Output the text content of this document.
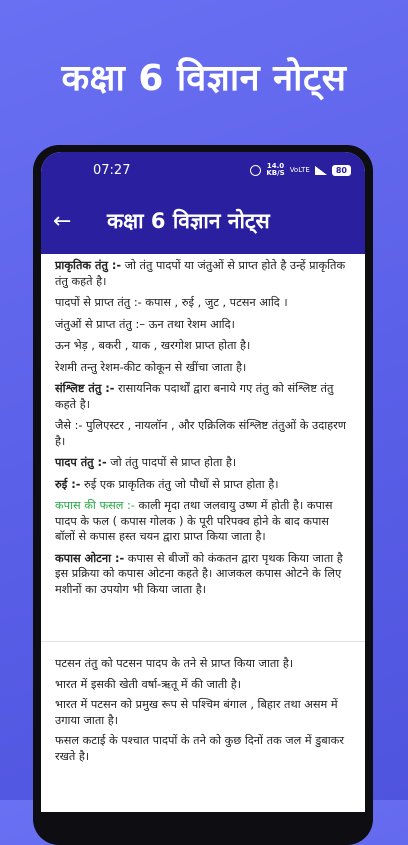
कक्षा 6 विज्ञान नोट्स
07:27	14.0
KB/S VoLTE	80
←	कक्षा 6 विज्ञान नोट्स

प्राकृतिक तंतु :- जो तंतु पादपों या जंतुओं से प्राप्त होते है उन्हें प्राकृतिक तंतु कहते है।

पादपों से प्राप्त तंतु :- कपास , रुई , जुट , पटसन आदि ।

जंतुओं से प्राप्त तंतु :– ऊन तथा रेशम आदि।

ऊन भेड़ , बकरी , याक , खरगोश प्राप्त होता है।

रेशमी तन्तु रेशम-कीट कोकून से खींचा जाता है।

संश्लिष्ट तंतु :- रासायनिक पदार्थों द्वारा बनाये गए तंतु को संश्लिष्ट तंतु कहते है।

जैसे :- पुलिएस्टर , नायलॉन , और एक्रिलिक संश्लिष्ट तंतुओं के उदाहरण है।

पादप तंतु :- जो तंतु पादपों से प्राप्त होता है।

रुई :- रुई एक प्राकृतिक तंतु जो पौधों से प्राप्त होता है।

कपास की फसल :- काली मृदा तथा जलवायु उष्ण में होती है। कपास पादप के फल ( कपास गोलक ) के पूरी परिपक्व होने के बाद कपास बॉलों से कपास हस्त चयन द्वारा प्राप्त किया जाता है।

कपास ओटना :- कपास से बीजों को कंकतन द्वारा पृथक किया जाता है इस प्रक्रिया को कपास ओटना कहते है। आजकल कपास ओटने के लिए मशीनों का उपयोग भी किया जाता है।

पटसन तंतु को पटसन पादप के तने से प्राप्त किया जाता है।

भारत में इसकी खेती वर्षा-ऋतू में की जाती है।

भारत में पटसन को प्रमुख रूप से पश्चिम बंगाल , बिहार तथा असम में उगाया जाता है।

फसल कटाई के पश्चात पादपों के तने को कुछ दिनों तक जल में डुबाकर रखते है।
